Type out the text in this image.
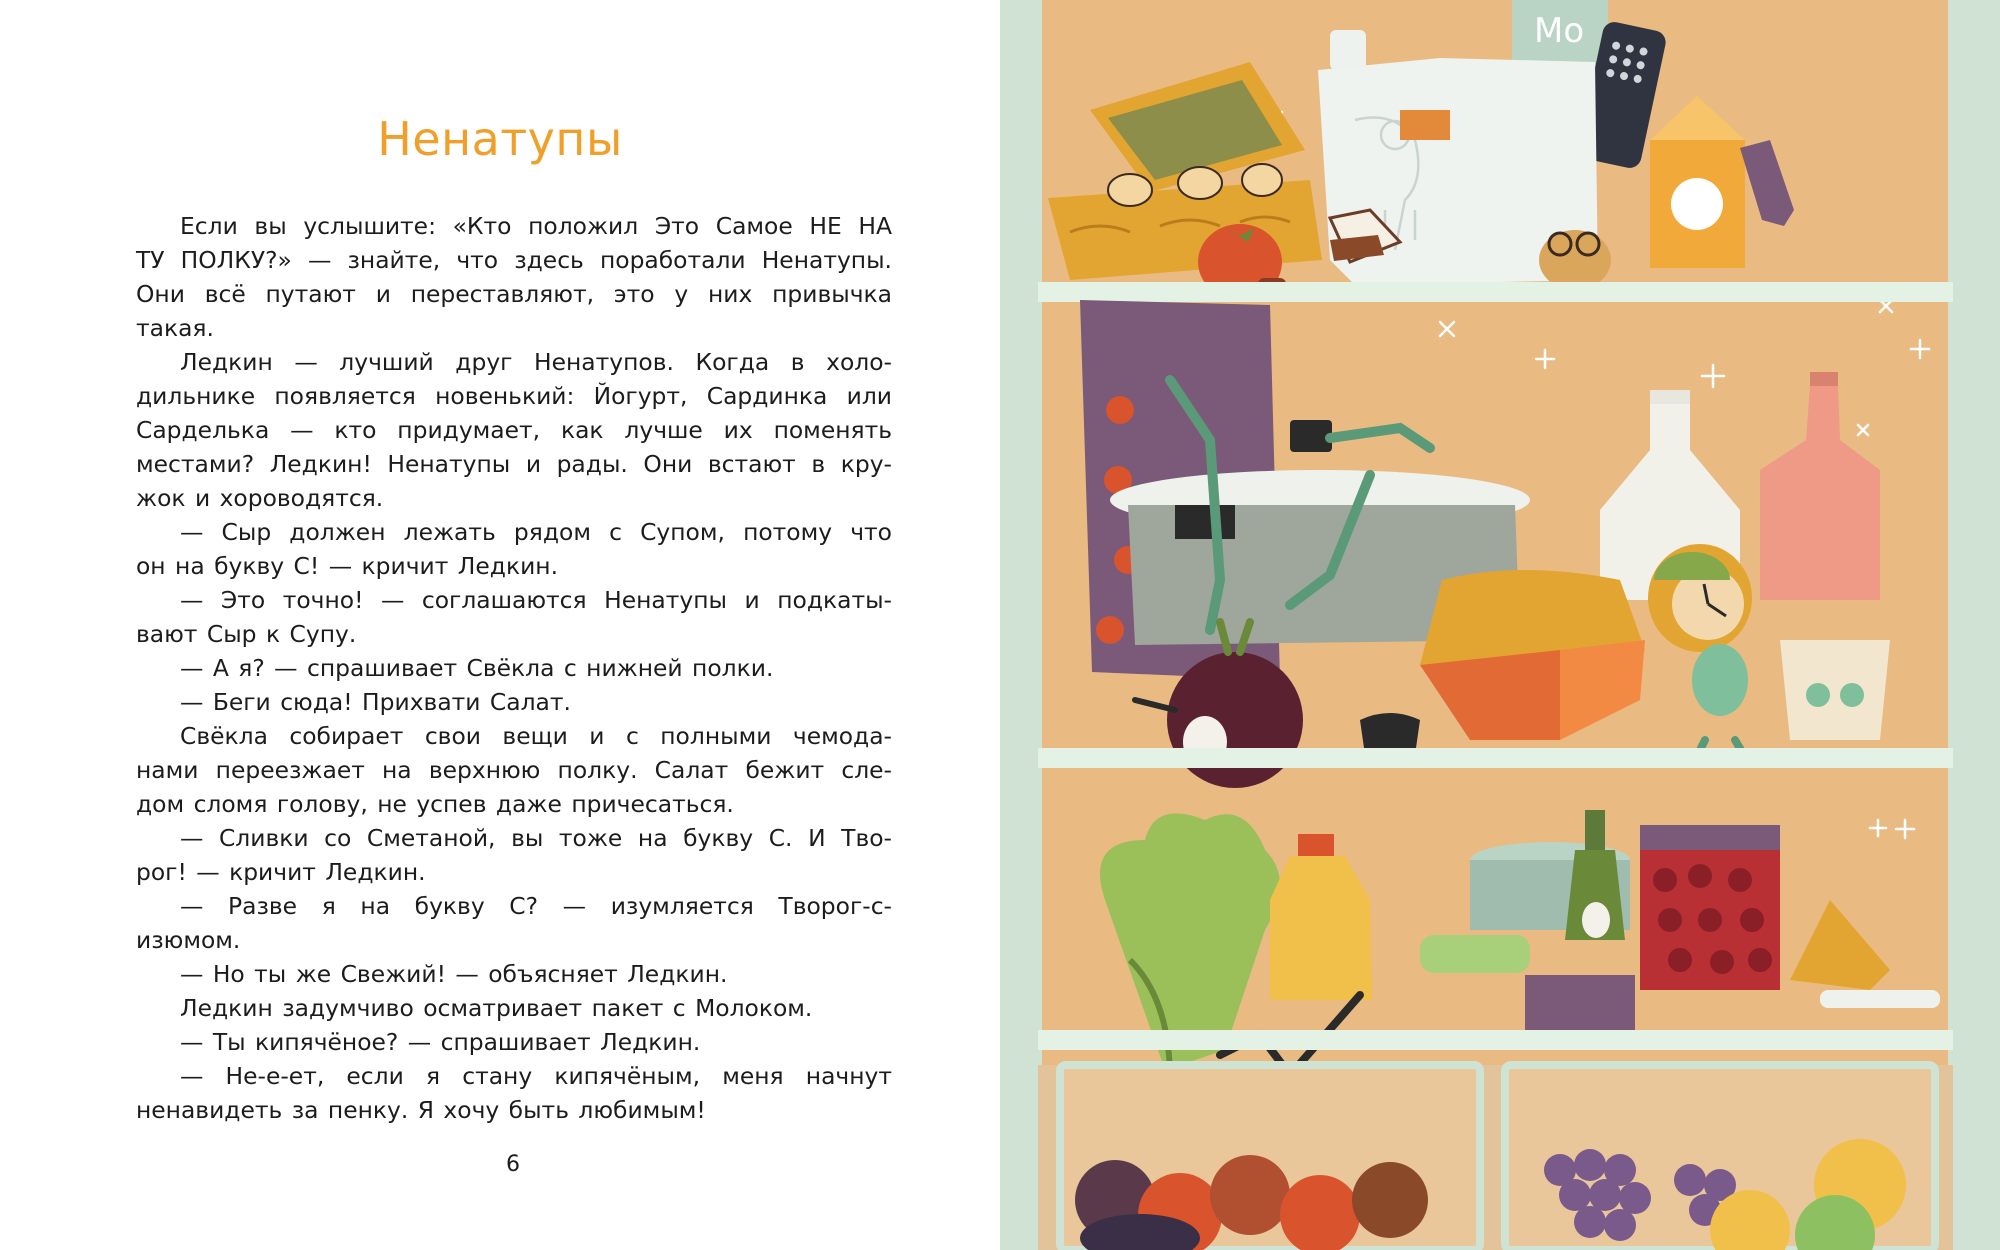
Ненатупы

Если вы услышите: «Кто положил Это Самое НЕ НА

ТУ ПОЛКУ?» — знайте, что здесь поработали Ненатупы.

Они всё путают и переставляют, это у них привычка

такая.

Ледкин — лучший друг Ненатупов. Когда в холо-

дильнике появляется новенький: Йогурт, Сардинка или

Сарделька — кто придумает, как лучше их поменять

местами? Ледкин! Ненатупы и рады. Они встают в кру-

жок и хороводятся.

— Сыр должен лежать рядом с Супом, потому что

он на букву С! — кричит Ледкин.

— Это точно! — соглашаются Ненатупы и подкаты-

вают Сыр к Супу.

— А я? — спрашивает Свёкла с нижней полки.

— Беги сюда! Прихвати Салат.

Свёкла собирает свои вещи и с полными чемода-

нами переезжает на верхнюю полку. Салат бежит сле-

дом сломя голову, не успев даже причесаться.

— Сливки со Сметаной, вы тоже на букву С. И Тво-

рог! — кричит Ледкин.

— Разве я на букву С? — изумляется Творог-с-

изюмом.

— Но ты же Свежий! — объясняет Ледкин.

Ледкин задумчиво осматривает пакет с Молоком.

— Ты кипячёное? — спрашивает Ледкин.

— Не-е-ет, если я стану кипячёным, меня начнут

ненавидеть за пенку. Я хочу быть любимым!

6
Мо
